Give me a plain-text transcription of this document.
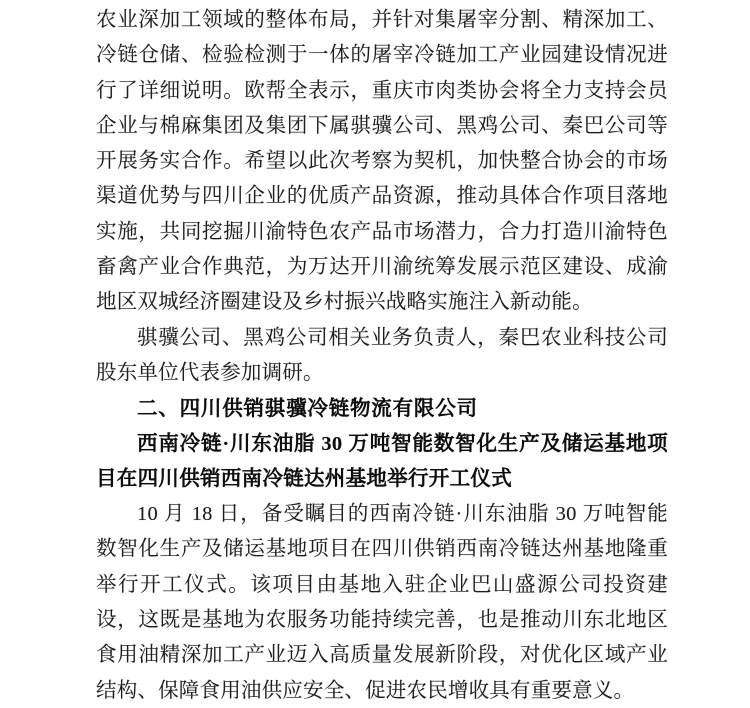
农业深加工领域的整体布局，并针对集屠宰分割、精深加工、冷链仓储、检验检测于一体的屠宰冷链加工产业园建设情况进行了详细说明。欧帮全表示，重庆市肉类协会将全力支持会员企业与棉麻集团及集团下属骐骥公司、黑鸡公司、秦巴公司等开展务实合作。希望以此次考察为契机，加快整合协会的市场渠道优势与四川企业的优质产品资源，推动具体合作项目落地实施，共同挖掘川渝特色农产品市场潜力，合力打造川渝特色畜禽产业合作典范，为万达开川渝统筹发展示范区建设、成渝地区双城经济圈建设及乡村振兴战略实施注入新动能。

骐骥公司、黑鸡公司相关业务负责人，秦巴农业科技公司股东单位代表参加调研。

二、四川供销骐骥冷链物流有限公司

西南冷链·川东油脂 30 万吨智能数智化生产及储运基地项目在四川供销西南冷链达州基地举行开工仪式

10 月 18 日，备受瞩目的西南冷链·川东油脂 30 万吨智能数智化生产及储运基地项目在四川供销西南冷链达州基地隆重举行开工仪式。该项目由基地入驻企业巴山盛源公司投资建设，这既是基地为农服务功能持续完善，也是推动川东北地区食用油精深加工产业迈入高质量发展新阶段，对优化区域产业结构、保障食用油供应安全、促进农民增收具有重要意义。
